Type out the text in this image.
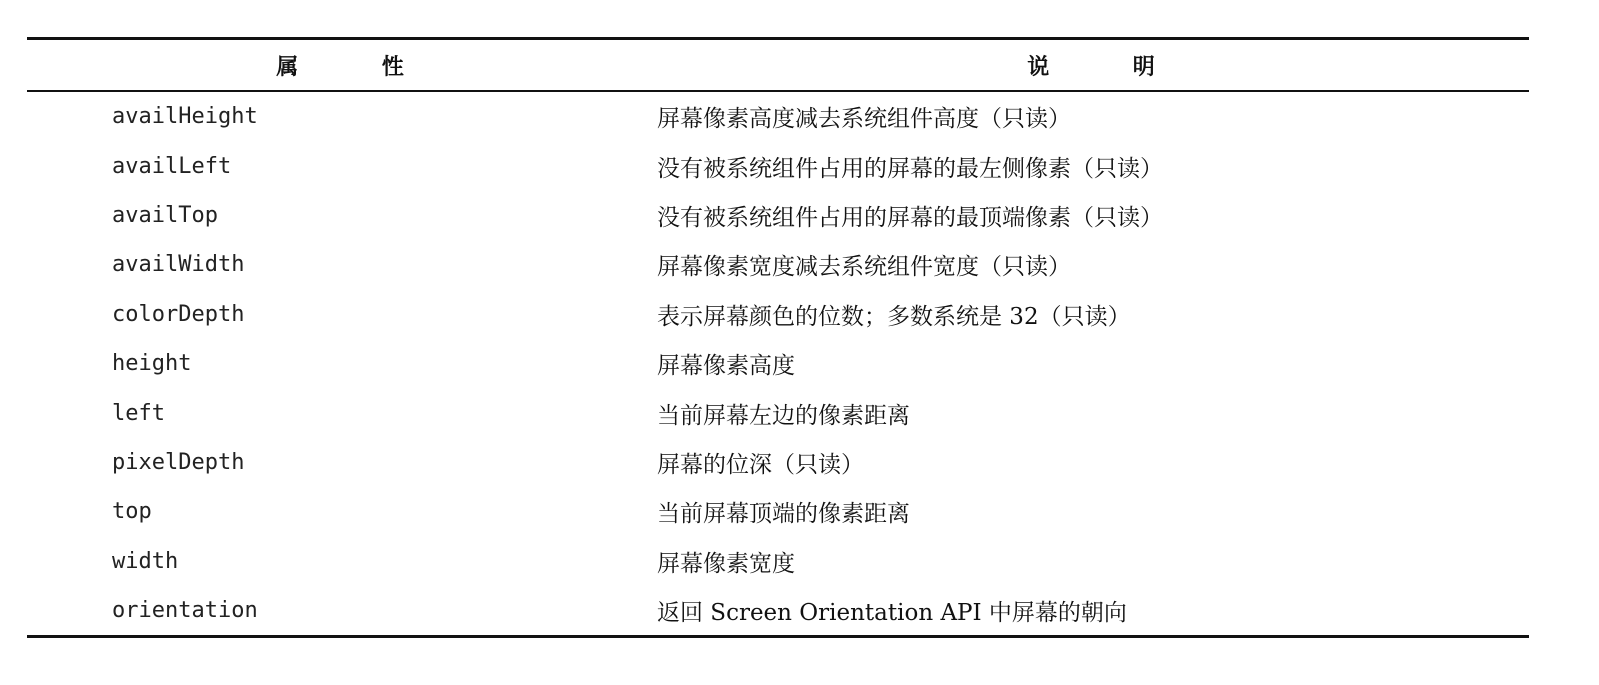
属　性	说　明
availHeight	屏幕像素高度减去系统组件高度（只读）
availLeft	没有被系统组件占用的屏幕的最左侧像素（只读）
availTop	没有被系统组件占用的屏幕的最顶端像素（只读）
availWidth	屏幕像素宽度减去系统组件宽度（只读）
colorDepth	表示屏幕颜色的位数；多数系统是 32（只读）
height	屏幕像素高度
left	当前屏幕左边的像素距离
pixelDepth	屏幕的位深（只读）
top	当前屏幕顶端的像素距离
width	屏幕像素宽度
orientation	返回 Screen Orientation API 中屏幕的朝向
